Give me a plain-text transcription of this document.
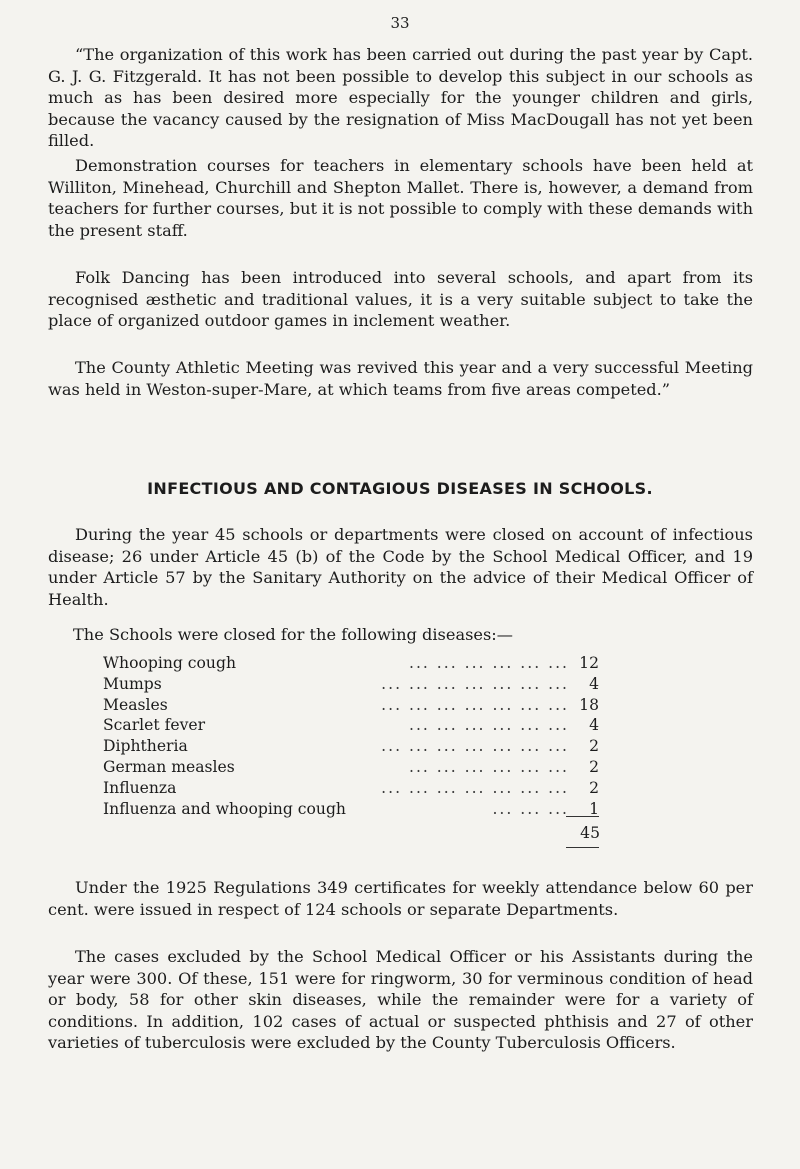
33

“The organization of this work has been carried out during the past year by Capt. G. J. G. Fitzgerald. It has not been possible to develop this subject in our schools as much as has been desired more especially for the younger children and girls, because the vacancy caused by the resignation of Miss MacDougall has not yet been filled.

Demonstration courses for teachers in elementary schools have been held at Williton, Minehead, Churchill and Shepton Mallet. There is, however, a demand from teachers for further courses, but it is not possible to comply with these demands with the present staff.

Folk Dancing has been introduced into several schools, and apart from its recognised æsthetic and traditional values, it is a very suitable subject to take the place of organized outdoor games in inclement weather.

The County Athletic Meeting was revived this year and a very successful Meeting was held in Weston-super-Mare, at which teams from five areas competed.”

INFECTIOUS AND CONTAGIOUS DISEASES IN SCHOOLS.

During the year 45 schools or departments were closed on account of infectious disease; 26 under Article 45 (b) of the Code by the School Medical Officer, and 19 under Article 57 by the Sanitary Authority on the advice of their Medical Officer of Health.

The Schools were closed for the following diseases:—

Whooping cough	... ... ... ... ... ... 12
Mumps	... ... ... ... ... ... ...	4
Measles	... ... ... ... ... ... ... 18
Scarlet fever	... ... ... ... ... ...	4
Diphtheria	... ... ... ... ... ... ...	2
German measles	... ... ... ... ... ...	2
Influenza	... ... ... ... ... ... ...	2
Influenza and whooping cough	... ... ...	1
45

Under the 1925 Regulations 349 certificates for weekly attendance below 60 per cent. were issued in respect of 124 schools or separate Departments.

The cases excluded by the School Medical Officer or his Assistants during the year were 300. Of these, 151 were for ringworm, 30 for verminous condition of head or body, 58 for other skin diseases, while the remainder were for a variety of conditions. In addition, 102 cases of actual or suspected phthisis and 27 of other varieties of tuberculosis were excluded by the County Tuberculosis Officers.
